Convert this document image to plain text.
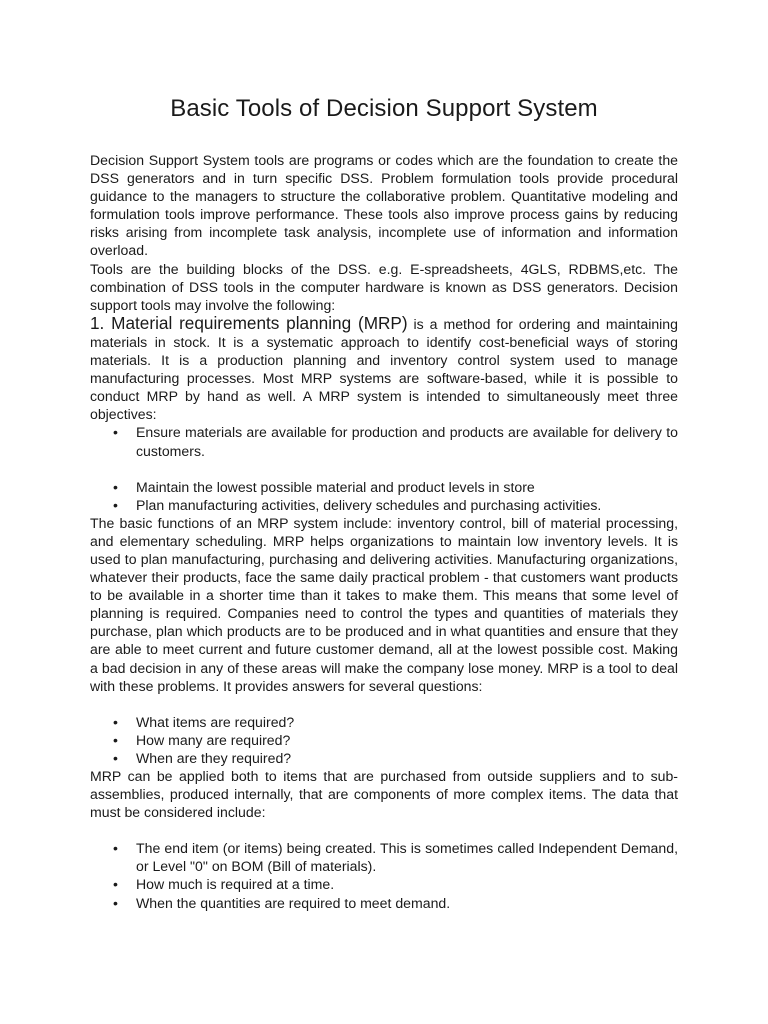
Basic Tools of Decision Support System

Decision Support System tools are programs or codes which are the foundation to create the DSS generators and in turn specific DSS. Problem formulation tools provide procedural guidance to the managers to structure the collaborative problem. Quantitative modeling and formulation tools improve performance. These tools also improve process gains by reducing risks arising from incomplete task analysis, incomplete use of information and information overload.

Tools are the building blocks of the DSS. e.g. E-spreadsheets, 4GLS, RDBMS,etc. The combination of DSS tools in the computer hardware is known as DSS generators. Decision support tools may involve the following:

1. Material requirements planning (MRP) is a method for ordering and maintaining materials in stock. It is a systematic approach to identify cost-beneficial ways of storing materials. It is a production planning and inventory control system used to manage manufacturing processes. Most MRP systems are software-based, while it is possible to conduct MRP by hand as well. A MRP system is intended to simultaneously meet three objectives:

• Ensure materials are available for production and products are available for delivery to customers.
• Maintain the lowest possible material and product levels in store
• Plan manufacturing activities, delivery schedules and purchasing activities.

The basic functions of an MRP system include: inventory control, bill of material processing, and elementary scheduling. MRP helps organizations to maintain low inventory levels. It is used to plan manufacturing, purchasing and delivering activities. Manufacturing organizations, whatever their products, face the same daily practical problem - that customers want products to be available in a shorter time than it takes to make them. This means that some level of planning is required. Companies need to control the types and quantities of materials they purchase, plan which products are to be produced and in what quantities and ensure that they are able to meet current and future customer demand, all at the lowest possible cost. Making a bad decision in any of these areas will make the company lose money. MRP is a tool to deal with these problems. It provides answers for several questions:

• What items are required?
• How many are required?
• When are they required?

MRP can be applied both to items that are purchased from outside suppliers and to sub-assemblies, produced internally, that are components of more complex items. The data that must be considered include:

• The end item (or items) being created. This is sometimes called Independent Demand, or Level "0" on BOM (Bill of materials).
• How much is required at a time.
• When the quantities are required to meet demand.
